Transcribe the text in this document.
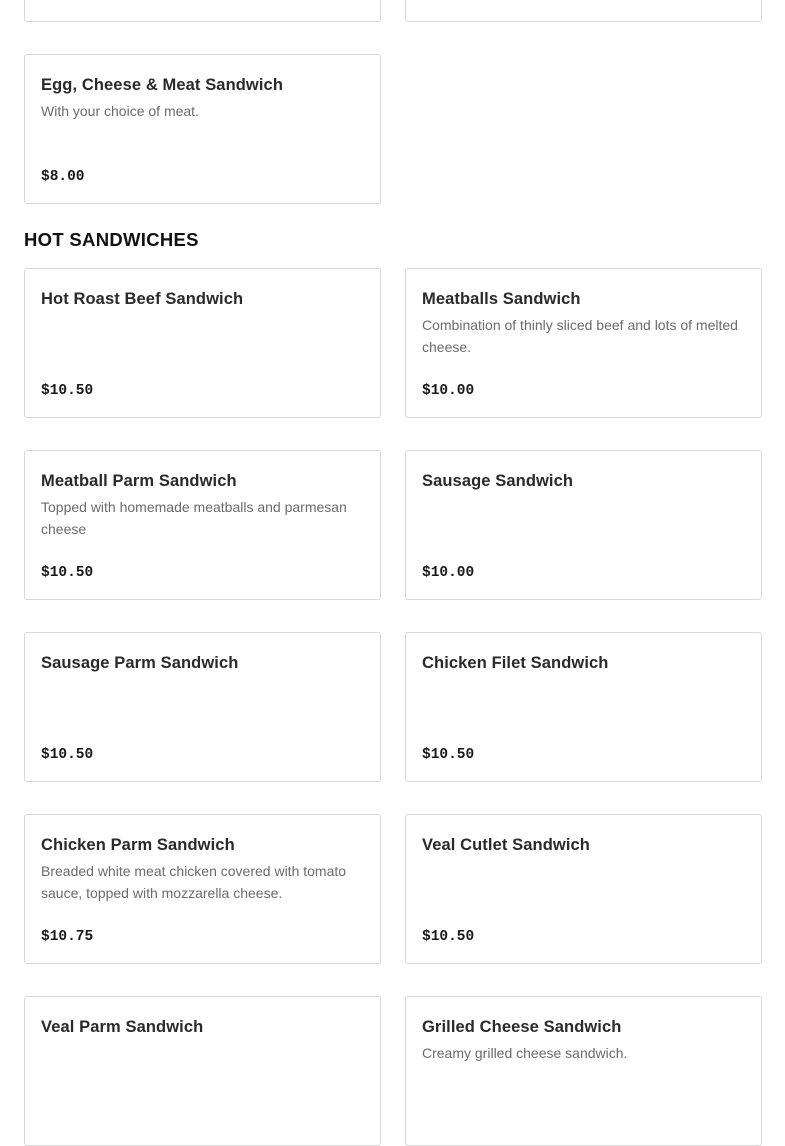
Egg, Cheese & Meat Sandwich
With your choice of meat.
$8.00
HOT SANDWICHES
Hot Roast Beef Sandwich
$10.50
Meatballs Sandwich
Combination of thinly sliced beef and lots of melted cheese.
$10.00
Meatball Parm Sandwich
Topped with homemade meatballs and parmesan cheese
$10.50
Sausage Sandwich
$10.00
Sausage Parm Sandwich
$10.50
Chicken Filet Sandwich
$10.50
Chicken Parm Sandwich
Breaded white meat chicken covered with tomato sauce, topped with mozzarella cheese.
$10.75
Veal Cutlet Sandwich
$10.50
Veal Parm Sandwich	Grilled Cheese Sandwich
Creamy grilled cheese sandwich.
